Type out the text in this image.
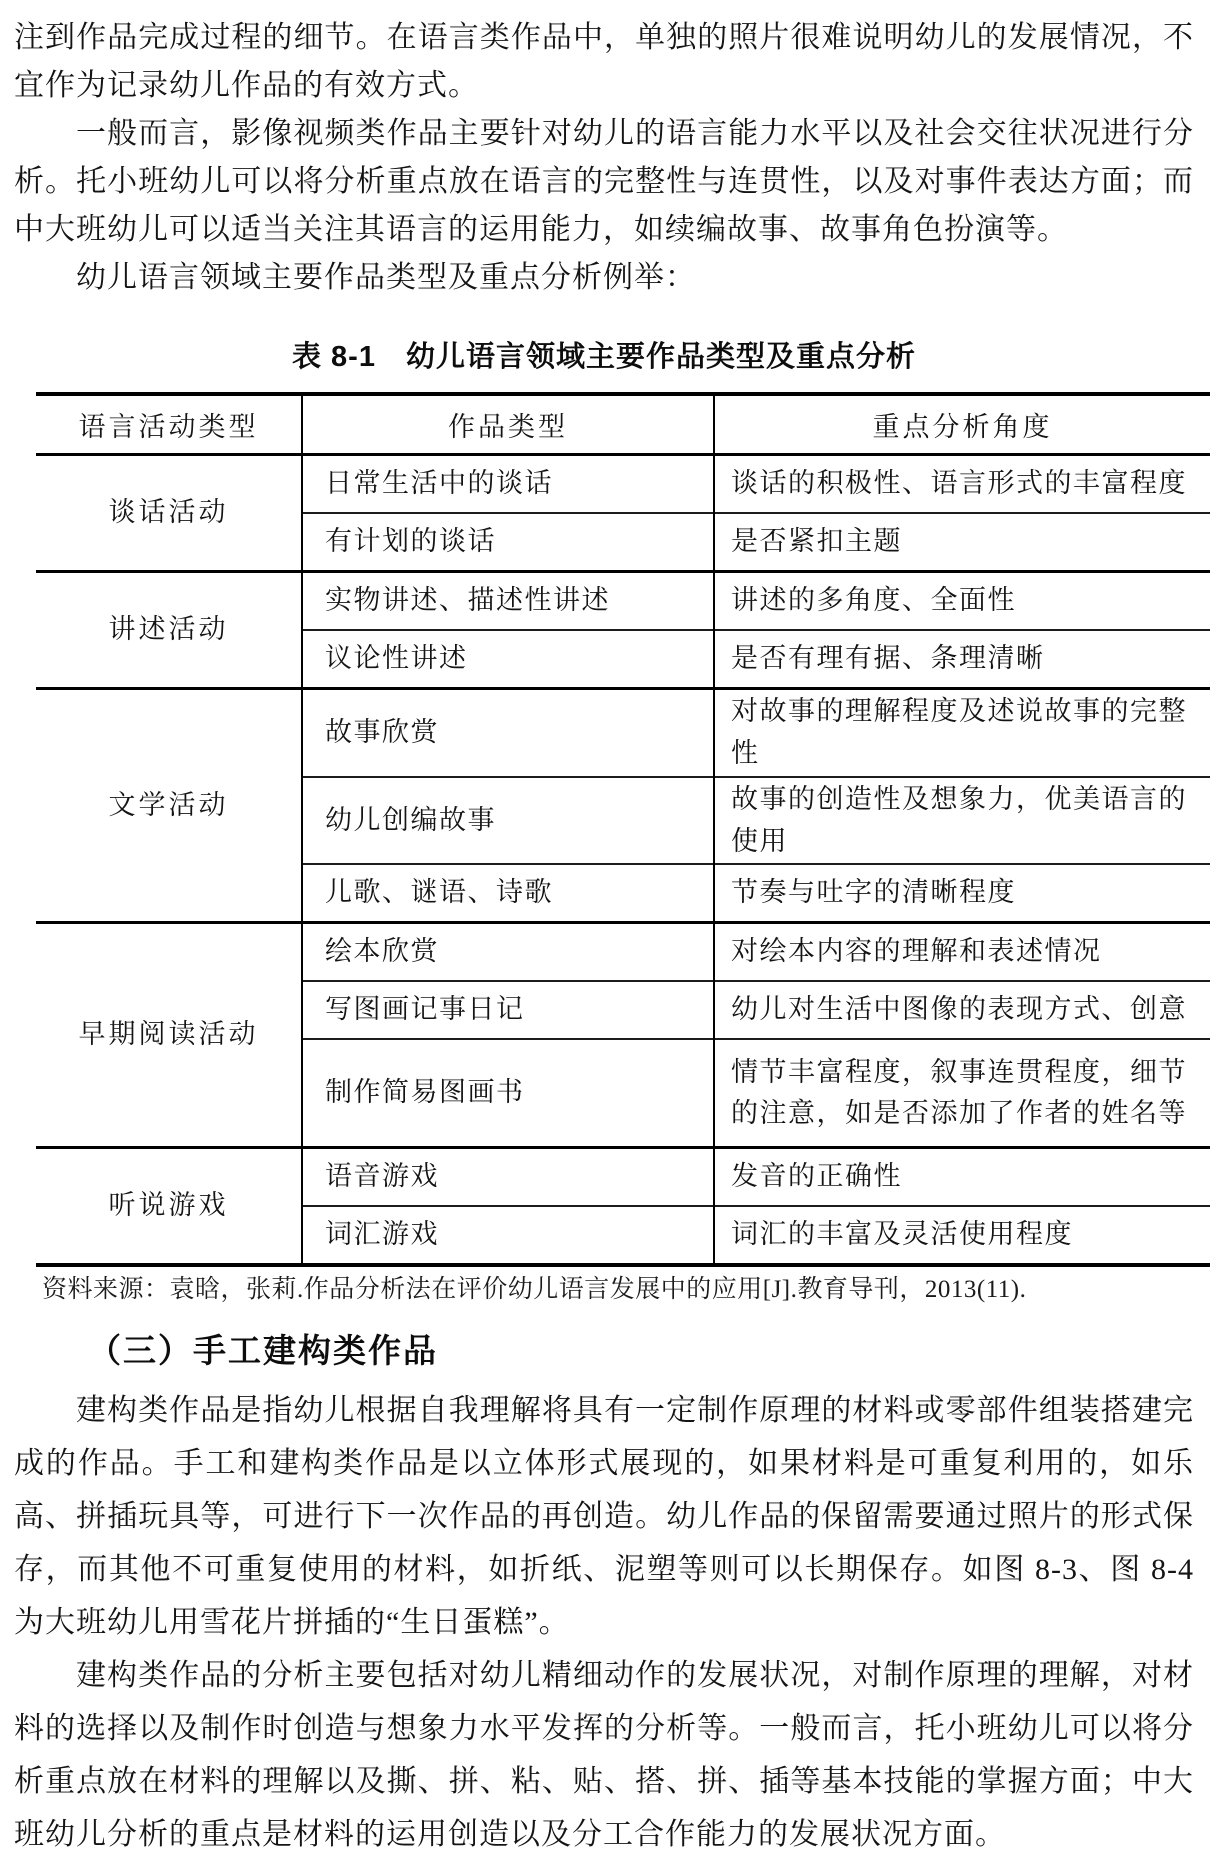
注到作品完成过程的细节。在语言类作品中，单独的照片很难说明幼儿的发展情况，不宜作为记录幼儿作品的有效方式。

一般而言，影像视频类作品主要针对幼儿的语言能力水平以及社会交往状况进行分析。托小班幼儿可以将分析重点放在语言的完整性与连贯性，以及对事件表达方面；而中大班幼儿可以适当关注其语言的运用能力，如续编故事、故事角色扮演等。

幼儿语言领域主要作品类型及重点分析例举：

表 8-1　幼儿语言领域主要作品类型及重点分析
语言活动类型	作品类型	重点分析角度
谈话活动	日常生活中的谈话	谈话的积极性、语言形式的丰富程度
	有计划的谈话	是否紧扣主题
讲述活动	实物讲述、描述性讲述	讲述的多角度、全面性
	议论性讲述	是否有理有据、条理清晰
文学活动	故事欣赏	对故事的理解程度及述说故事的完整性
	幼儿创编故事	故事的创造性及想象力，优美语言的使用
	儿歌、谜语、诗歌	节奏与吐字的清晰程度
早期阅读活动	绘本欣赏	对绘本内容的理解和表述情况
	写图画记事日记	幼儿对生活中图像的表现方式、创意
	制作简易图画书	情节丰富程度，叙事连贯程度，细节的注意，如是否添加了作者的姓名等
听说游戏	语音游戏	发音的正确性
	词汇游戏	词汇的丰富及灵活使用程度
资料来源：袁晗，张莉.作品分析法在评价幼儿语言发展中的应用[J].教育导刊，2013(11).
（三）手工建构类作品

建构类作品是指幼儿根据自我理解将具有一定制作原理的材料或零部件组装搭建完成的作品。手工和建构类作品是以立体形式展现的，如果材料是可重复利用的，如乐高、拼插玩具等，可进行下一次作品的再创造。幼儿作品的保留需要通过照片的形式保存，而其他不可重复使用的材料，如折纸、泥塑等则可以长期保存。如图 8-3、图 8-4 为大班幼儿用雪花片拼插的“生日蛋糕”。

建构类作品的分析主要包括对幼儿精细动作的发展状况，对制作原理的理解，对材料的选择以及制作时创造与想象力水平发挥的分析等。一般而言，托小班幼儿可以将分析重点放在材料的理解以及撕、拼、粘、贴、搭、拼、插等基本技能的掌握方面；中大班幼儿分析的重点是材料的运用创造以及分工合作能力的发展状况方面。
